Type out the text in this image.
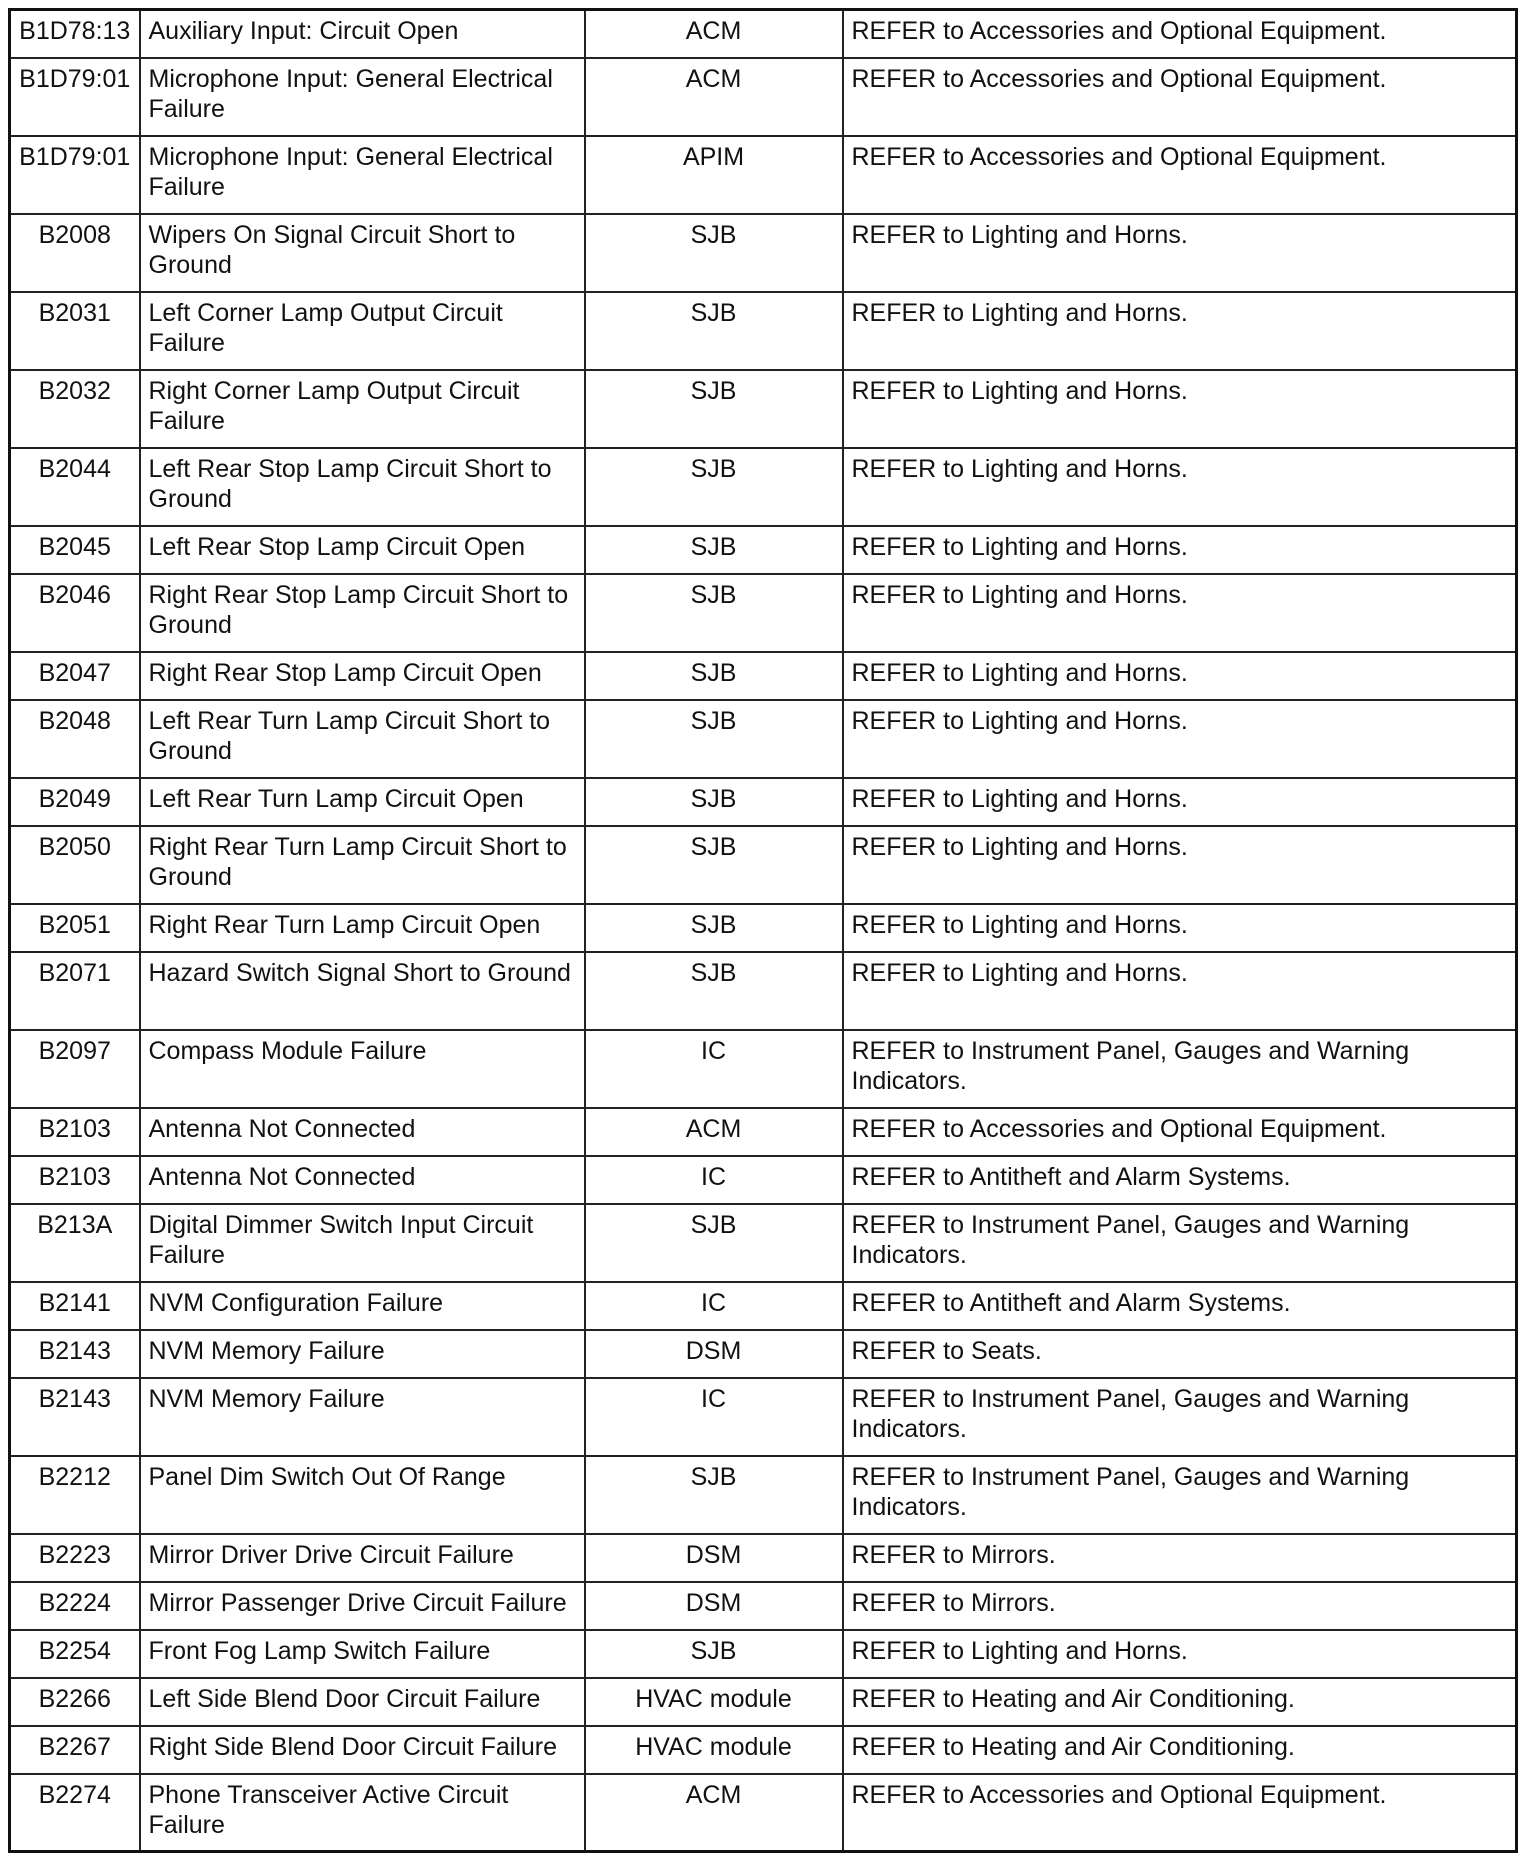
B1D78:13	Auxiliary Input: Circuit Open	ACM	REFER to Accessories and Optional Equipment.
B1D79:01	Microphone Input: General Electrical Failure	ACM	REFER to Accessories and Optional Equipment.
B1D79:01	Microphone Input: General Electrical Failure	APIM	REFER to Accessories and Optional Equipment.
B2008	Wipers On Signal Circuit Short to Ground	SJB	REFER to Lighting and Horns.
B2031	Left Corner Lamp Output Circuit Failure	SJB	REFER to Lighting and Horns.
B2032	Right Corner Lamp Output Circuit Failure	SJB	REFER to Lighting and Horns.
B2044	Left Rear Stop Lamp Circuit Short to Ground	SJB	REFER to Lighting and Horns.
B2045	Left Rear Stop Lamp Circuit Open	SJB	REFER to Lighting and Horns.
B2046	Right Rear Stop Lamp Circuit Short to Ground	SJB	REFER to Lighting and Horns.
B2047	Right Rear Stop Lamp Circuit Open	SJB	REFER to Lighting and Horns.
B2048	Left Rear Turn Lamp Circuit Short to Ground	SJB	REFER to Lighting and Horns.
B2049	Left Rear Turn Lamp Circuit Open	SJB	REFER to Lighting and Horns.
B2050	Right Rear Turn Lamp Circuit Short to Ground	SJB	REFER to Lighting and Horns.
B2051	Right Rear Turn Lamp Circuit Open	SJB	REFER to Lighting and Horns.
B2071	Hazard Switch Signal Short to Ground	SJB	REFER to Lighting and Horns.
B2097	Compass Module Failure	IC	REFER to Instrument Panel, Gauges and Warning Indicators.
B2103	Antenna Not Connected	ACM	REFER to Accessories and Optional Equipment.
B2103	Antenna Not Connected	IC	REFER to Antitheft and Alarm Systems.
B213A	Digital Dimmer Switch Input Circuit Failure	SJB	REFER to Instrument Panel, Gauges and Warning Indicators.
B2141	NVM Configuration Failure	IC	REFER to Antitheft and Alarm Systems.
B2143	NVM Memory Failure	DSM	REFER to Seats.
B2143	NVM Memory Failure	IC	REFER to Instrument Panel, Gauges and Warning Indicators.
B2212	Panel Dim Switch Out Of Range	SJB	REFER to Instrument Panel, Gauges and Warning Indicators.
B2223	Mirror Driver Drive Circuit Failure	DSM	REFER to Mirrors.
B2224	Mirror Passenger Drive Circuit Failure	DSM	REFER to Mirrors.
B2254	Front Fog Lamp Switch Failure	SJB	REFER to Lighting and Horns.
B2266	Left Side Blend Door Circuit Failure	HVAC module	REFER to Heating and Air Conditioning.
B2267	Right Side Blend Door Circuit Failure	HVAC module	REFER to Heating and Air Conditioning.
B2274	Phone Transceiver Active Circuit Failure	ACM	REFER to Accessories and Optional Equipment.
